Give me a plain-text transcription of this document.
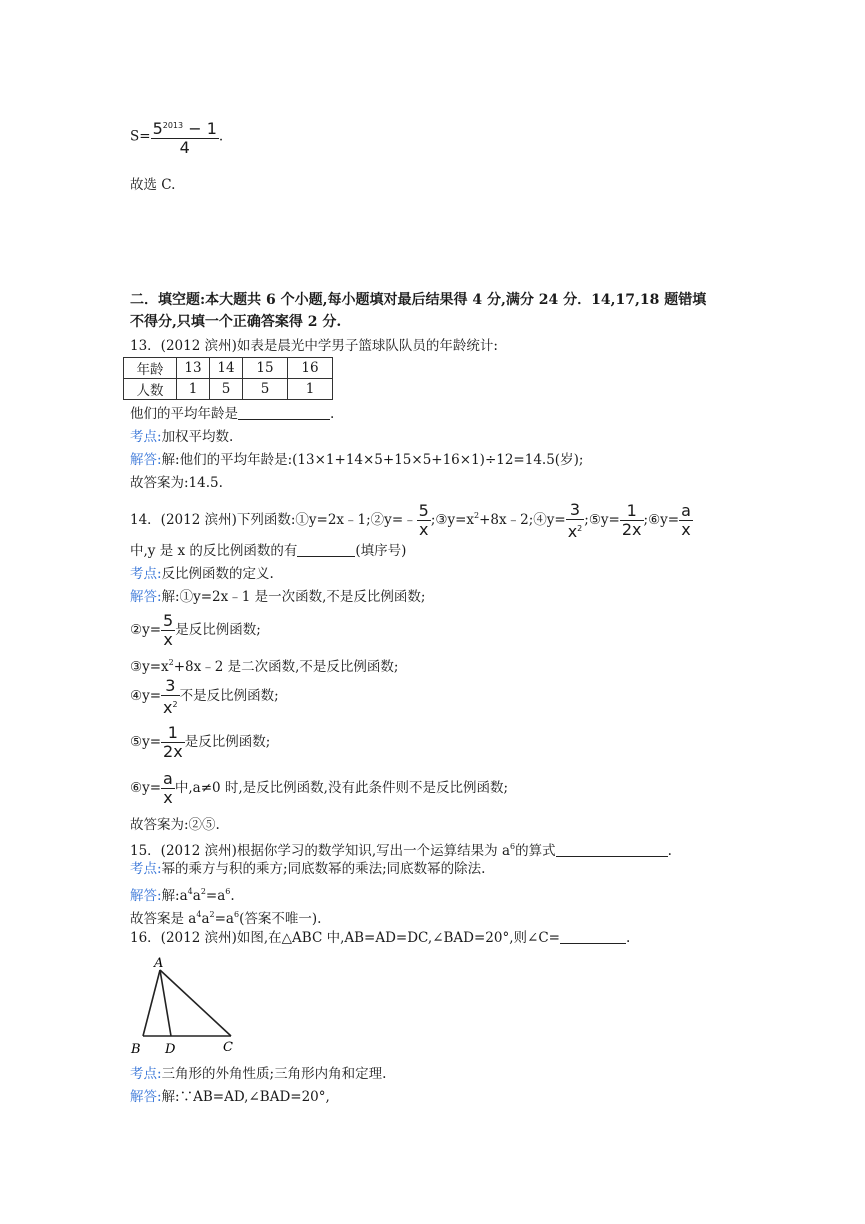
$S= \frac{5^{2013} - 1}{4}$ .
故选 C.
二．填空题:本大题共 6 个小题,每小题填对最后结果得 4 分,满分 24 分．14,17,18 题错填
不得分,只填一个正确答案得 2 分.
13．(2012 滨州)如表是晨光中学男子篮球队队员的年龄统计:
年龄	13	14	15	16
人数	1	5	5	1
他们的平均年龄是	.
考点:加权平均数.
解答:解:他们的平均年龄是:(13×1+14×5+15×5+16×1)÷12=14.5(岁);
故答案为:14.5.
14．(2012 滨州)下列函数:①y=2x﹣1;②y=﹣ $\frac{5}{x}$ $;③y=x^2+8x﹣2;④y= \frac{3}{x^2}$ ;⑤y= $\frac{1}{2x}$ ;⑥y= $\frac{a}{x}$
中,y 是 x 的反比例函数的有	(填序号)
考点:反比例函数的定义.
解答:解:①y=2x﹣1 是一次函数,不是反比例函数;
②y= $\frac{5}{x}$ 是反比例函数;
$③y=x^2+8x﹣2$ 是二次函数,不是反比例函数;
④y= $\frac{3}{x^2}$ 不是反比例函数;
⑤y= $\frac{1}{2x}$ 是反比例函数;
⑥y= $\frac{a}{x}$ 中,a≠0 时,是反比例函数,没有此条件则不是反比例函数;
故答案为:②⑤.
15．(2012 滨州)根据你学习的数学知识,写出一个运算结果为 $a^6$的算式	.
考点:幂的乘方与积的乘方;同底数幂的乘法;同底数幂的除法.
解答:解$:a^4a^2=a^6$.
故答案是 $a^4a^2=a^6$(答案不唯一).
16．(2012 滨州)如图,在△ABC 中,AB=AD=DC,∠BAD=20°,则∠C=	.
A
B D	C
考点:三角形的外角性质;三角形内角和定理.
解答:解:∵AB=AD,∠BAD=20°,
